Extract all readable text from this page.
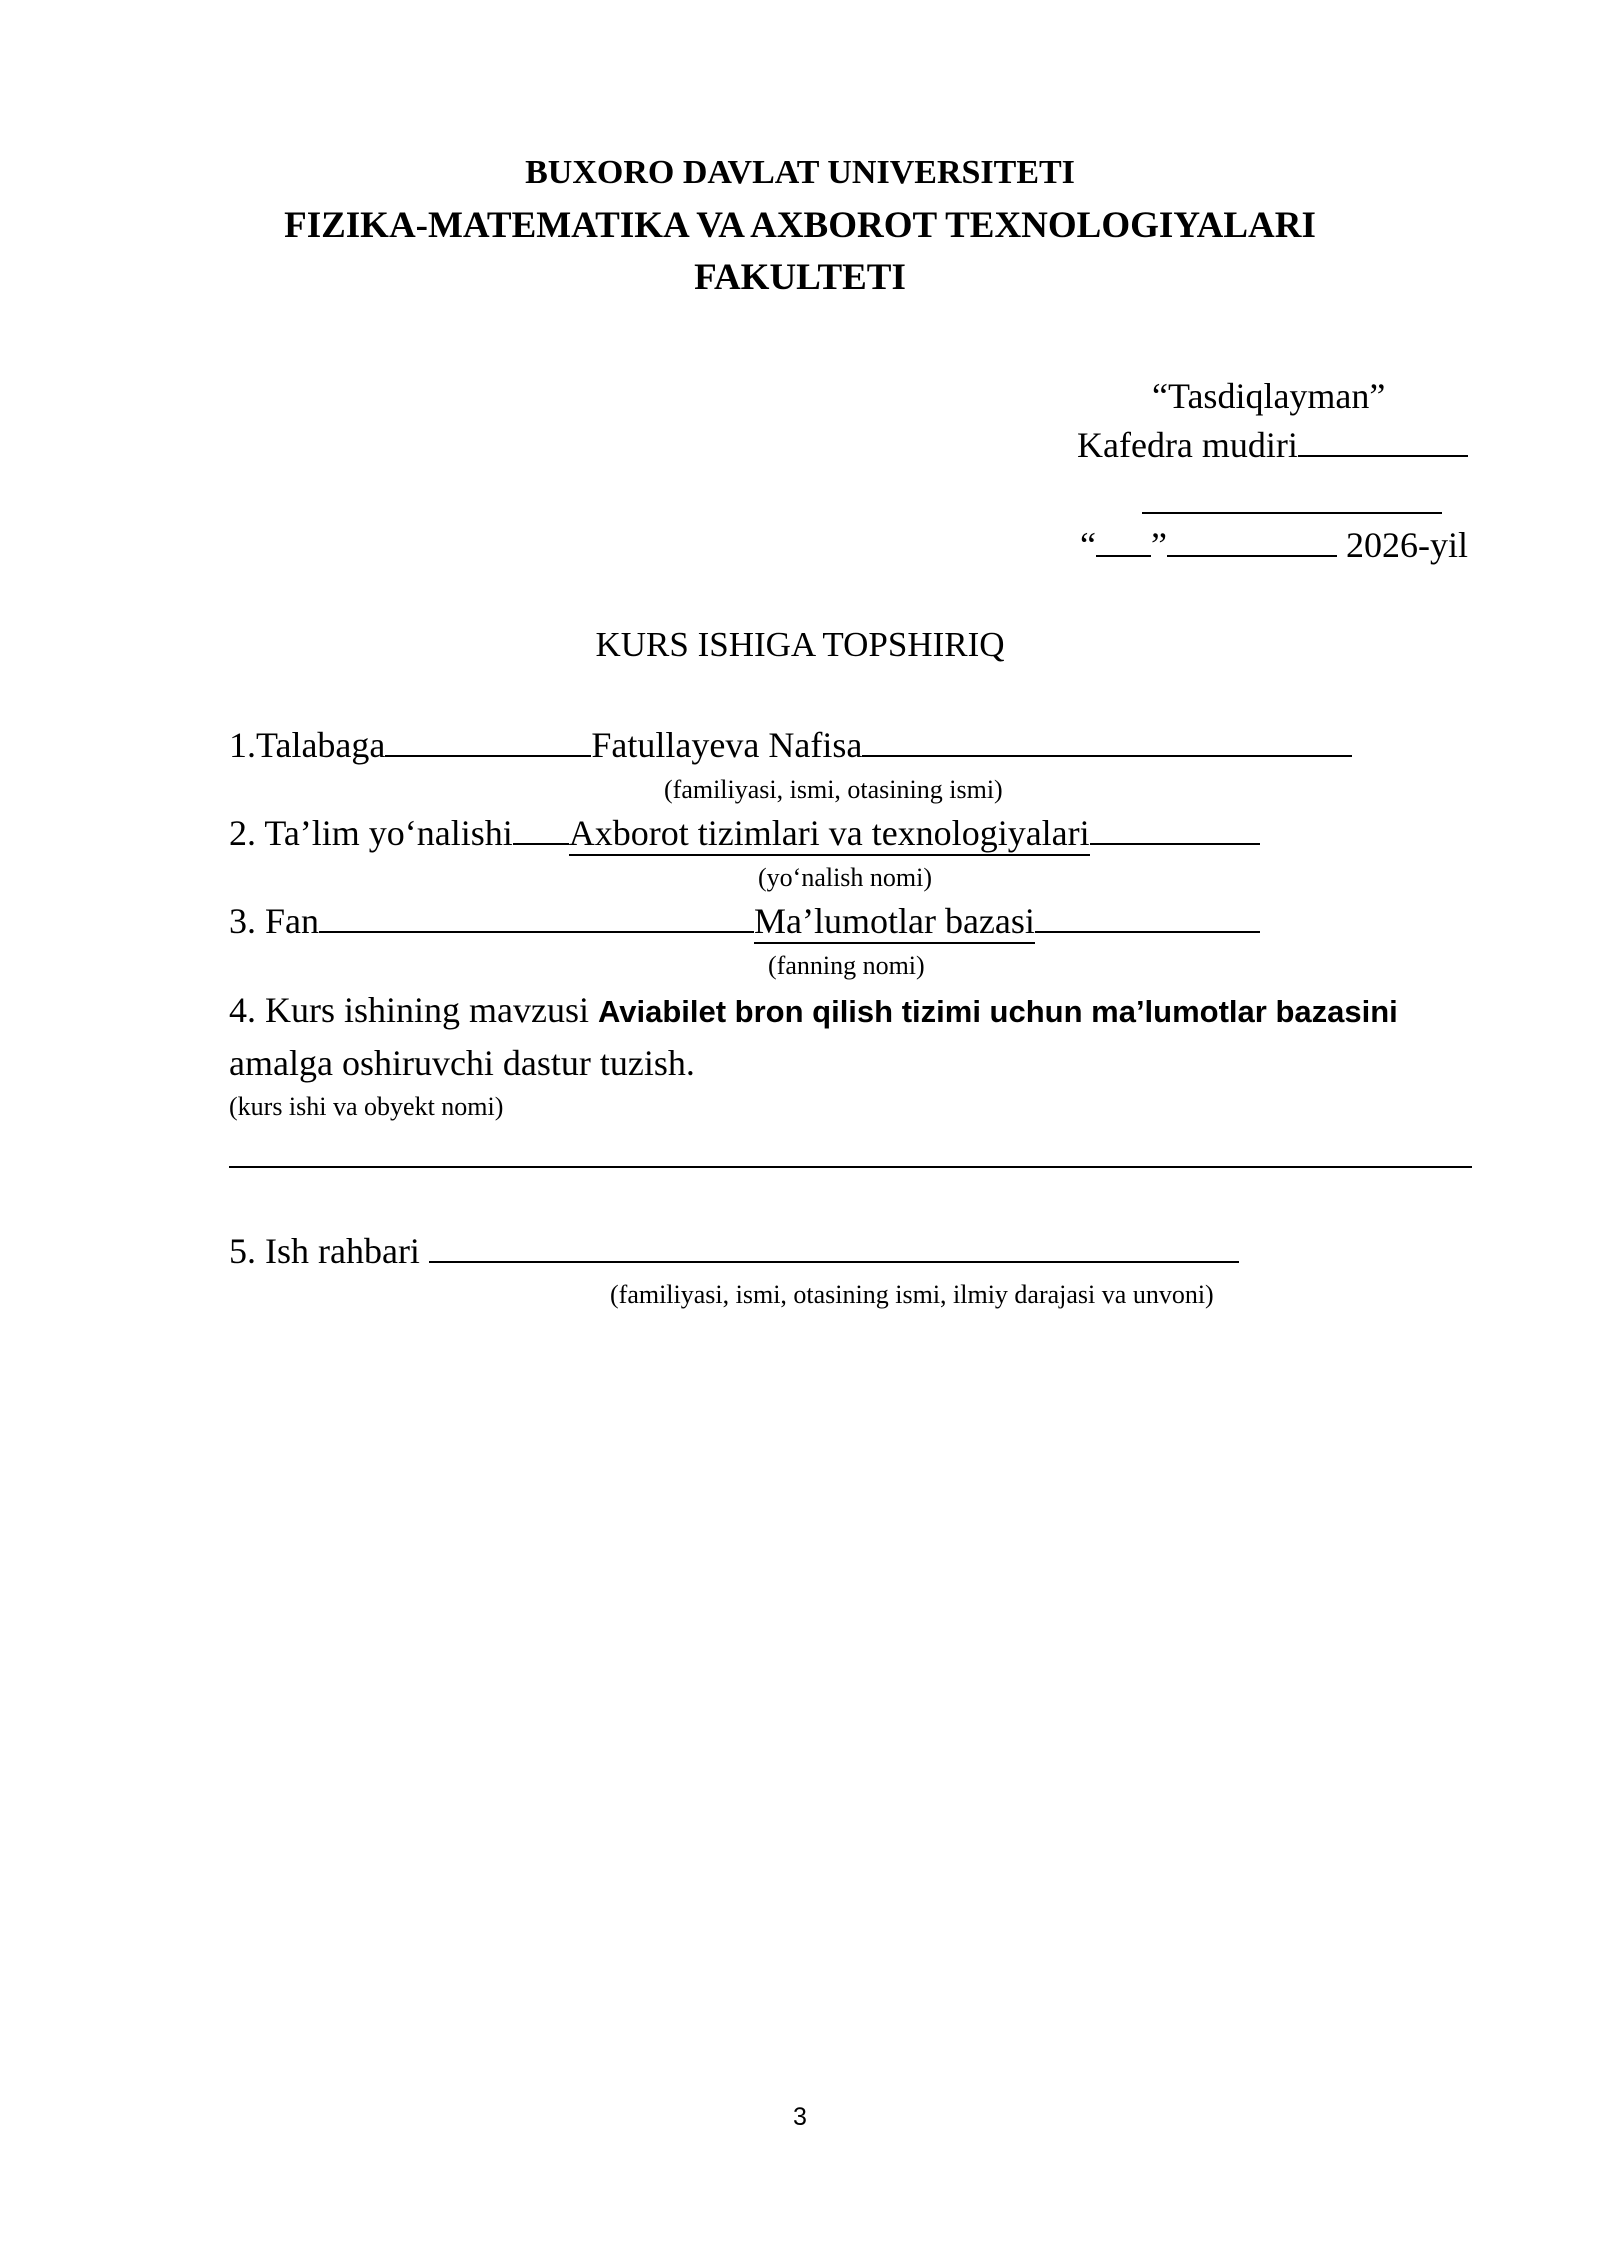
BUXORO DAVLAT UNIVERSITETI
FIZIKA-MATEMATIKA VA AXBOROT TEXNOLOGIYALARI
FAKULTETI
“Tasdiqlayman”
Kafedra mudiri
“ ”	2026-yil
KURS ISHIGA TOPSHIRIQ
1.Talabaga	Fatullayeva Nafisa
(familiyasi, ismi, otasining ismi)
2. Ta’lim yo‘nalishi Axborot tizimlari va texnologiyalari
(yo‘nalish nomi)
3. Fan	Ma’lumotlar bazasi
(fanning nomi)
4. Kurs ishining mavzusi Aviabilet bron qilish tizimi uchun ma’lumotlar bazasini
amalga oshiruvchi dastur tuzish.
(kurs ishi va obyekt nomi)
5. Ish rahbari
(familiyasi, ismi, otasining ismi, ilmiy darajasi va unvoni)
3
